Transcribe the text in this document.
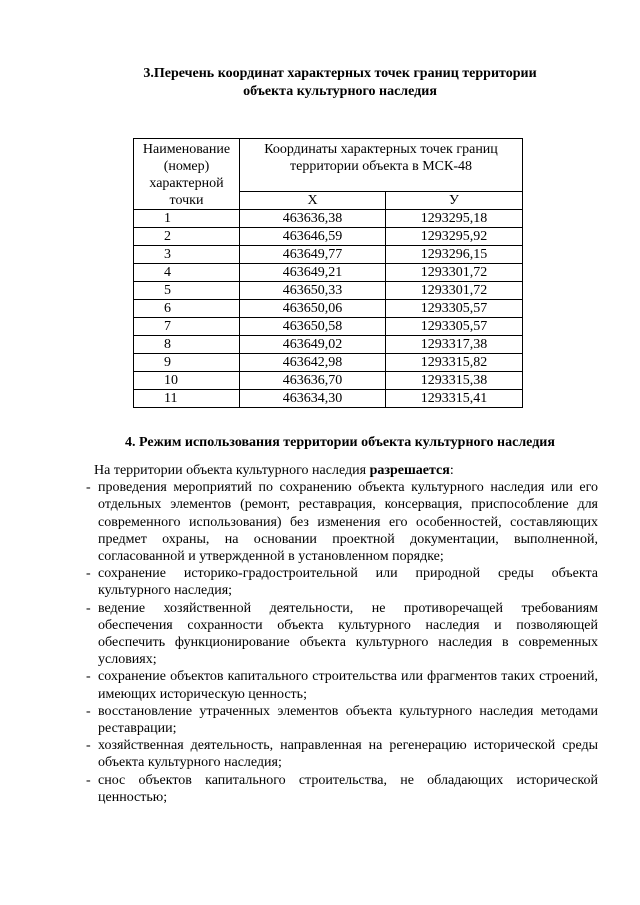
3.Перечень координат характерных точек границ территории
объекта культурного наследия
Наименование (номер) характерной точки	Координаты характерных точек границ территории объекта в МСК-48	
	Х	У
1	463636,38	1293295,18
2	463646,59	1293295,92
3	463649,77	1293296,15
4	463649,21	1293301,72
5	463650,33	1293301,72
6	463650,06	1293305,57
7	463650,58	1293305,57
8	463649,02	1293317,38
9	463642,98	1293315,82
10	463636,70	1293315,38
11	463634,30	1293315,41
4. Режим использования территории объекта культурного наследия

На территории объекта культурного наследия разрешается:

- проведения мероприятий по сохранению объекта культурного наследия или его отдельных элементов (ремонт, реставрация, консервация, приспособление для современного использования) без изменения его особенностей, составляющих предмет охраны, на основании проектной документации, выполненной, согласованной и утвержденной в установленном порядке;
- сохранение историко-градостроительной или природной среды объекта культурного наследия;
- ведение хозяйственной деятельности, не противоречащей требованиям обеспечения сохранности объекта культурного наследия и позволяющей обеспечить функционирование объекта культурного наследия в современных условиях;
- сохранение объектов капитального строительства или фрагментов таких строений, имеющих историческую ценность;
- восстановление утраченных элементов объекта культурного наследия методами реставрации;
- хозяйственная деятельность, направленная на регенерацию исторической среды объекта культурного наследия;
- снос объектов капитального строительства, не обладающих исторической ценностью;
